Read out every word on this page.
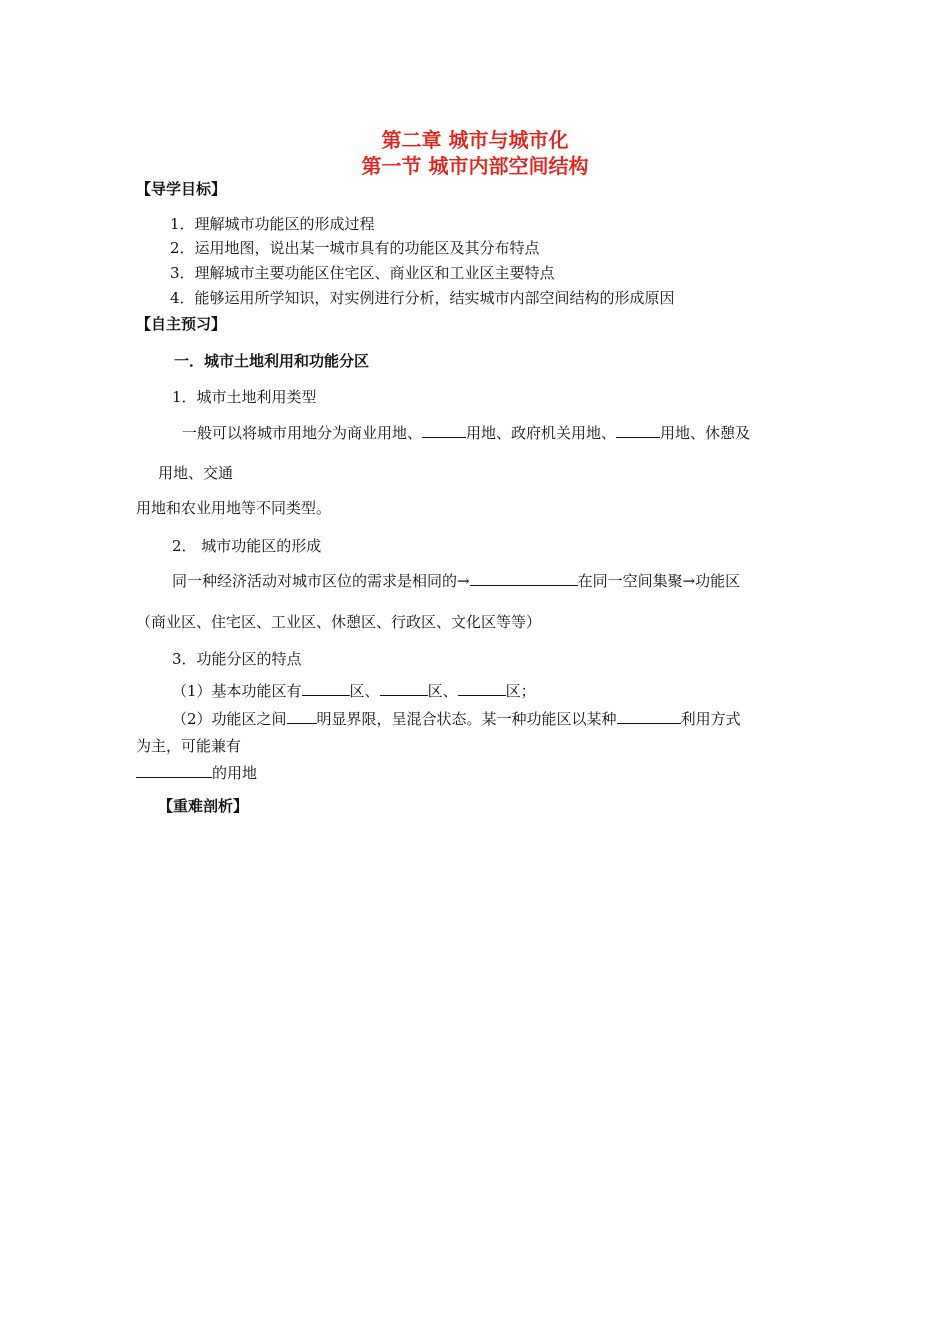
第二章 城市与城市化
第一节 城市内部空间结构
【导学目标】
1．理解城市功能区的形成过程
2．运用地图，说出某一城市具有的功能区及其分布特点
3．理解城市主要功能区住宅区、商业区和工业区主要特点
4．能够运用所学知识，对实例进行分析，结实城市内部空间结构的形成原因
【自主预习】
一．城市土地利用和功能分区
1．城市土地利用类型
一般可以将城市用地分为商业用地、	用地、政府机关用地、	用地、休憩及
用地、交通
用地和农业用地等不同类型。
2． 城市功能区的形成
同一种经济活动对城市区位的需求是相同的→	在同一空间集聚→功能区
（商业区、住宅区、工业区、休憩区、行政区、文化区等等）
3．功能分区的特点
（1）基本功能区有	区、	区、	区；
（2）功能区之间 明显界限，呈混合状态。某一种功能区以某种	利用方式
为主，可能兼有
的用地
【重难剖析】
